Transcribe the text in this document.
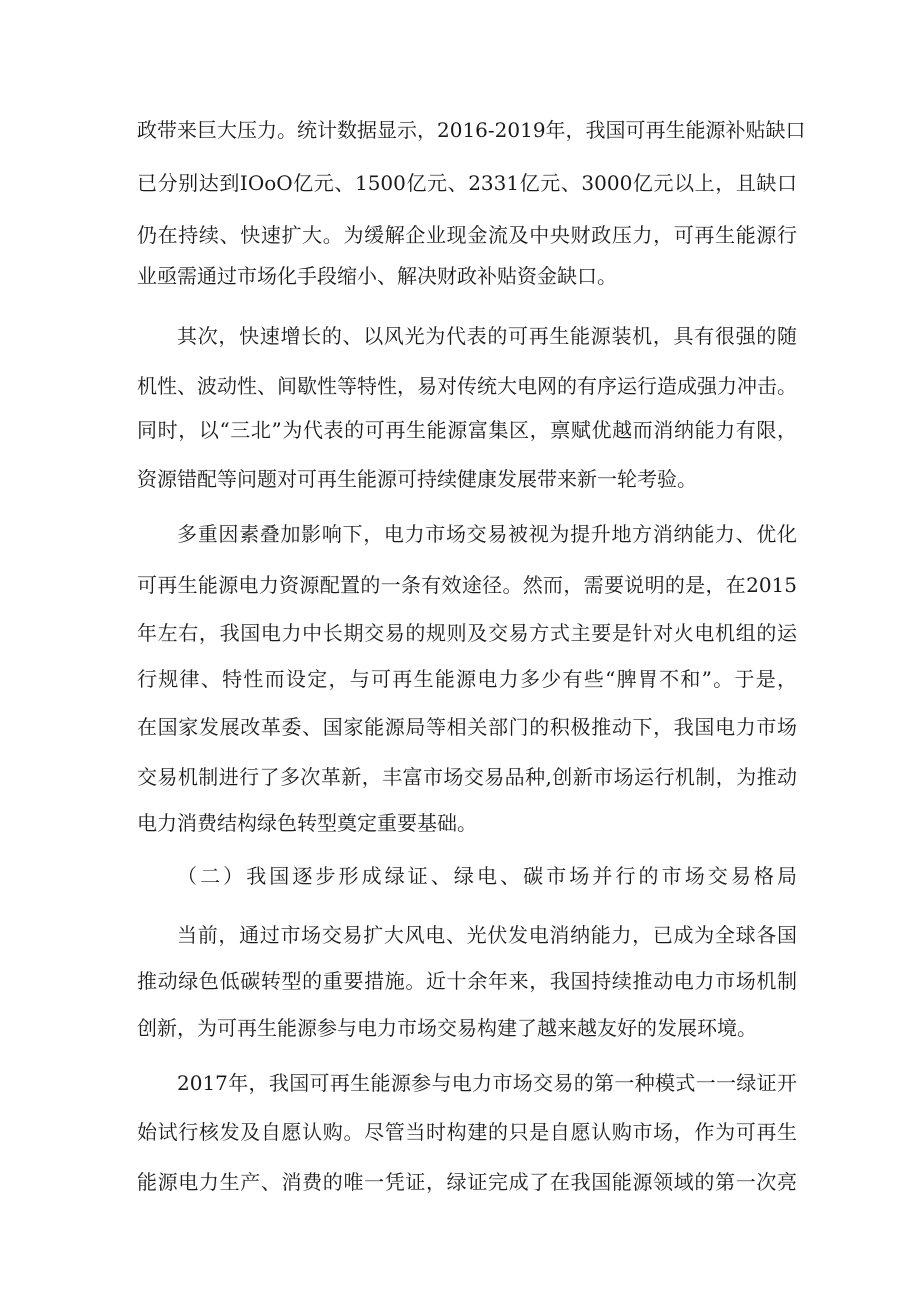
政带来巨大压力。统计数据显示，2016-2019年，我国可再生能源补贴缺口
已分别达到IOoO亿元、1500亿元、2331亿元、3000亿元以上，且缺口
仍在持续、快速扩大。为缓解企业现金流及中央财政压力，可再生能源行
业亟需通过市场化手段缩小、解决财政补贴资金缺口。
其次，快速增长的、以风光为代表的可再生能源装机，具有很强的随
机性、波动性、间歇性等特性，易对传统大电网的有序运行造成强力冲击。
同时，以“三北”为代表的可再生能源富集区，禀赋优越而消纳能力有限，
资源错配等问题对可再生能源可持续健康发展带来新一轮考验。
多重因素叠加影响下，电力市场交易被视为提升地方消纳能力、优化
可再生能源电力资源配置的一条有效途径。然而，需要说明的是，在2015
年左右，我国电力中长期交易的规则及交易方式主要是针对火电机组的运
行规律、特性而设定，与可再生能源电力多少有些“脾胃不和”。于是，
在国家发展改革委、国家能源局等相关部门的积极推动下，我国电力市场
交易机制进行了多次革新，丰富市场交易品种,创新市场运行机制，为推动
电力消费结构绿色转型奠定重要基础。
（二）我国逐步形成绿证、绿电、碳市场并行的市场交易格局
当前，通过市场交易扩大风电、光伏发电消纳能力，已成为全球各国
推动绿色低碳转型的重要措施。近十余年来，我国持续推动电力市场机制
创新，为可再生能源参与电力市场交易构建了越来越友好的发展环境。
2017年，我国可再生能源参与电力市场交易的第一种模式一一绿证开
始试行核发及自愿认购。尽管当时构建的只是自愿认购市场，作为可再生
能源电力生产、消费的唯一凭证，绿证完成了在我国能源领域的第一次亮
